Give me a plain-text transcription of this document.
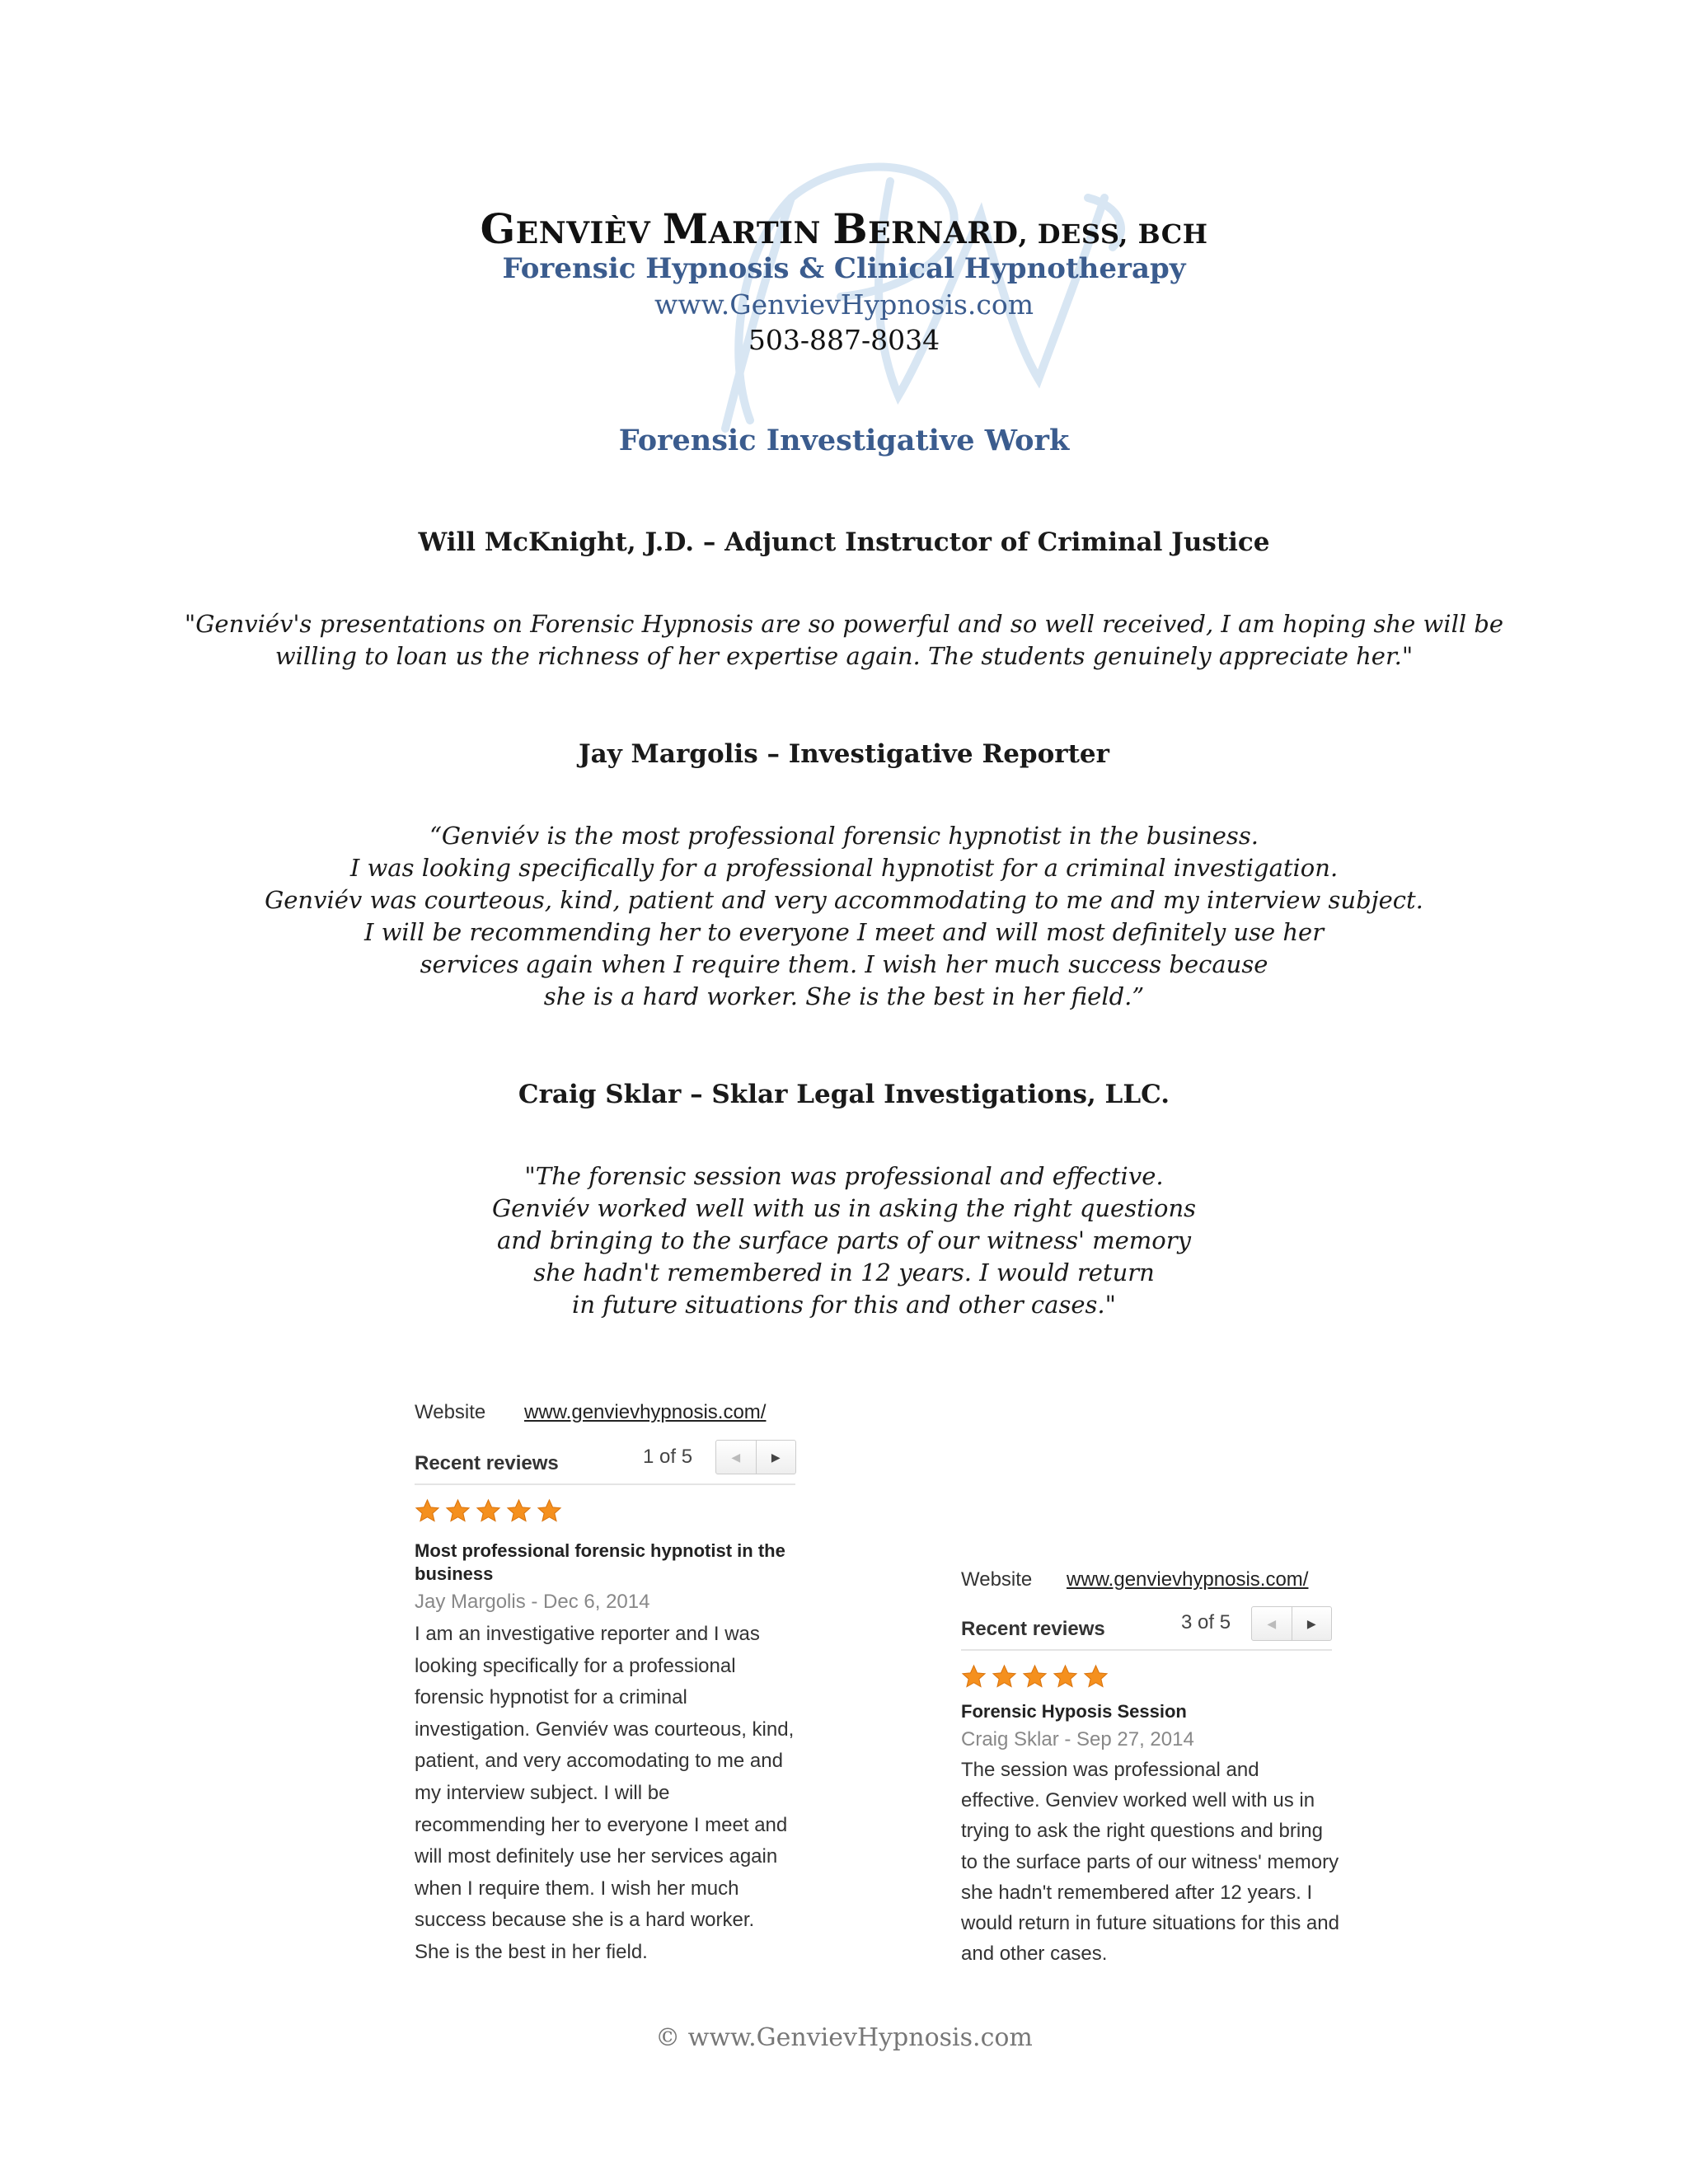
GENVIÈV MARTIN BERNARD, DESS, BCH
Forensic Hypnosis & Clinical Hypnotherapy
www.GenvievHypnosis.com
503-887-8034
Forensic Investigative Work
Will McKnight, J.D. – Adjunct Instructor of Criminal Justice
"Genviév's presentations on Forensic Hypnosis are so powerful and so well received, I am hoping she will be
willing to loan us the richness of her expertise again. The students genuinely appreciate her."
Jay Margolis – Investigative Reporter
“Genviév is the most professional forensic hypnotist in the business.
I was looking specifically for a professional hypnotist for a criminal investigation.
Genviév was courteous, kind, patient and very accommodating to me and my interview subject.
I will be recommending her to everyone I meet and will most definitely use her
services again when I require them. I wish her much success because
she is a hard worker. She is the best in her field.”
Craig Sklar – Sklar Legal Investigations, LLC.
"The forensic session was professional and effective.
Genviév worked well with us in asking the right questions
and bringing to the surface parts of our witness' memory
she hadn't remembered in 12 years. I would return
in future situations for this and other cases."
Website www.genvievhypnosis.com/
Recent reviews	1 of 5	◀	▶
Most professional forensic hypnotist in the
business
Jay Margolis - Dec 6, 2014
I am an investigative reporter and I was
looking specifically for a professional
forensic hypnotist for a criminal
investigation. Genviév was courteous, kind,
patient, and very accomodating to me and
my interview subject. I will be
recommending her to everyone I meet and
will most definitely use her services again
when I require them. I wish her much
success because she is a hard worker.
She is the best in her field.
Website www.genvievhypnosis.com/
Recent reviews	3 of 5	◀	▶
Forensic Hyposis Session
Craig Sklar - Sep 27, 2014
The session was professional and
effective. Genviev worked well with us in
trying to ask the right questions and bring
to the surface parts of our witness' memory
she hadn't remembered after 12 years. I
would return in future situations for this and
and other cases.
© www.GenvievHypnosis.com
